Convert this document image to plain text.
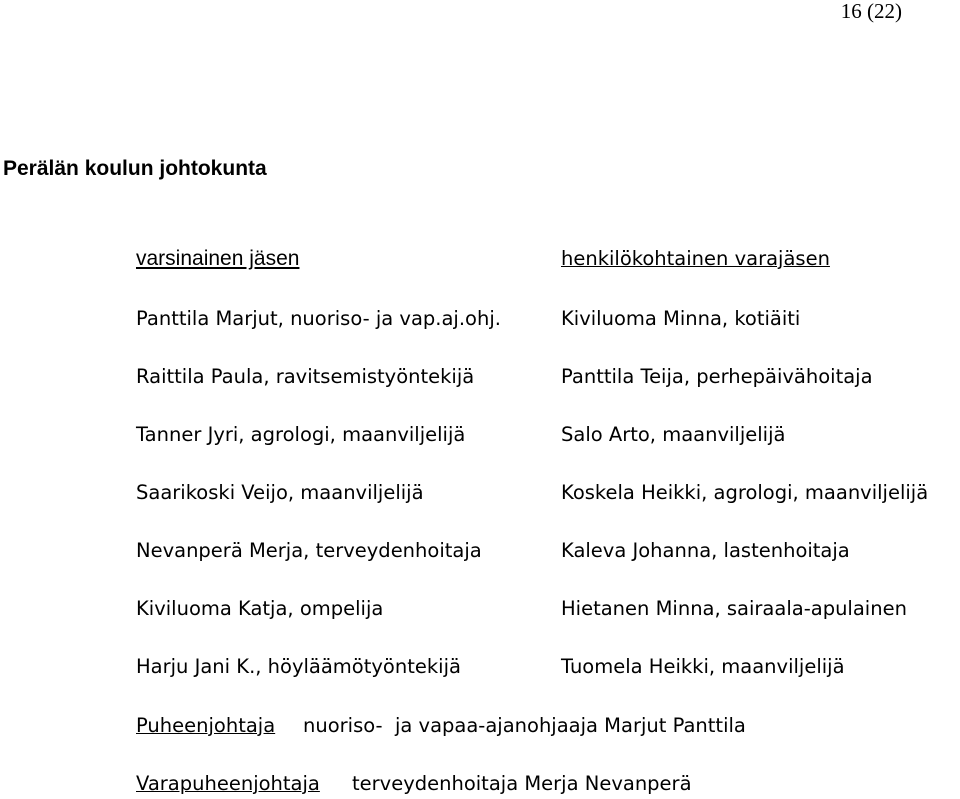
16 (22)
Perälän koulun johtokunta
varsinainen jäsen	henkilökohtainen varajäsen
Panttila Marjut, nuoriso- ja vap.aj.ohj.	Kiviluoma Minna, kotiäiti
Raittila Paula, ravitsemistyöntekijä	Panttila Teija, perhepäivähoitaja
Tanner Jyri, agrologi, maanviljelijä	Salo Arto, maanviljelijä
Saarikoski Veijo, maanviljelijä	Koskela Heikki, agrologi, maanviljelijä
Nevanperä Merja, terveydenhoitaja	Kaleva Johanna, lastenhoitaja
Kiviluoma Katja, ompelija	Hietanen Minna, sairaala-apulainen
Harju Jani K., höyläämötyöntekijä	Tuomela Heikki, maanviljelijä
Puheenjohtaja nuoriso-  ja vapaa-ajanohjaaja Marjut Panttila
Varapuheenjohtaja terveydenhoitaja Merja Nevanperä
